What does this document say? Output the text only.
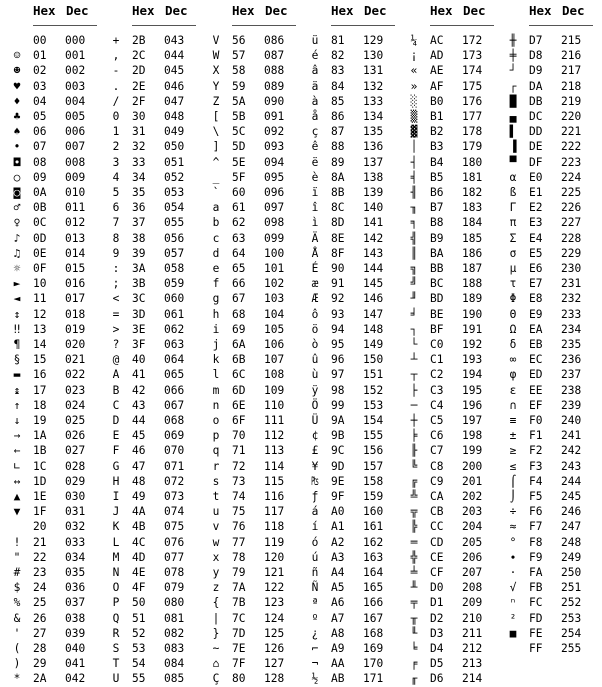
Hex Dec
00 000
☺	01 001
☻	02 002
♥	03 003
♦	04 004
♣	05 005
♠	06 006
•	07 007
◘	08 008
○	09 009
◙	0A 010
♂	0B 011
♀	0C 012
♪	0D 013
♫	0E 014
☼	0F 015
►	10 016
◄	11 017
↕	12 018
‼	13 019
¶	14 020
§	15 021
▬	16 022
↨	17 023
↑	18 024
↓	19 025
→	1A 026
←	1B 027
∟	1C 028
↔	1D 029
▲	1E 030
▼	1F 031
20 032
!	21 033
"	22 034
#	23 035
$	24 036
%	25 037
&	26 038
'	27 039
(	28 040
)	29 041
*	2A 042
Hex Dec
+	2B 043
,	2C 044
-	2D 045
.	2E 046
/	2F 047
0	30 048
1	31 049
2	32 050
3	33 051
4	34 052
5	35 053
6	36 054
7	37 055
8	38 056
9	39 057
:	3A 058
;	3B 059
<	3C 060
=	3D 061
>	3E 062
?	3F 063
@	40 064
A	41 065
B	42 066
C	43 067
D	44 068
E	45 069
F	46 070
G	47 071
H	48 072
I	49 073
J	4A 074
K	4B 075
L	4C 076
M	4D 077
N	4E 078
O	4F 079
P	50 080
Q	51 081
R	52 082
S	53 083
T	54 084
U	55 085
Hex Dec
V	56 086
W	57 087
X	58 088
Y	59 089
Z	5A 090
[	5B 091
\	5C 092
]	5D 093
^	5E 094
_	5F 095
`	60 096
a	61 097
b	62 098
c	63 099
d	64 100
e	65 101
f	66 102
g	67 103
h	68 104
i	69 105
j	6A 106
k	6B 107
l	6C 108
m	6D 109
n	6E 110
o	6F 111
p	70 112
q	71 113
r	72 114
s	73 115
t	74 116
u	75 117
v	76 118
w	77 119
x	78 120
y	79 121
z	7A 122
{	7B 123
|	7C 124
}	7D 125
~	7E 126
⌂	7F 127
Ç	80 128
Hex Dec
ü	81 129
é	82 130
â	83 131
ä	84 132
à	85 133
å	86 134
ç	87 135
ê	88 136
ë	89 137
è	8A 138
ï	8B 139
î	8C 140
ì	8D 141
Ä	8E 142
Å	8F 143
É	90 144
æ	91 145
Æ	92 146
ô	93 147
ö	94 148
ò	95 149
û	96 150
ù	97 151
ÿ	98 152
Ö	99 153
Ü	9A 154
¢	9B 155
£	9C 156
¥	9D 157
₧	9E 158
ƒ	9F 159
á	A0 160
í	A1 161
ó	A2 162
ú	A3 163
ñ	A4 164
Ñ	A5 165
ª	A6 166
º	A7 167
¿	A8 168
⌐	A9 169
¬	AA 170
½	AB 171
Hex Dec
¼	AC 172
¡	AD 173
«	AE 174
»	AF 175
░	B0 176
▒	B1 177
▓	B2 178
│	B3 179
┤	B4 180
╡	B5 181
╢	B6 182
╖	B7 183
╕	B8 184
╣	B9 185
║	BA 186
╗	BB 187
╝	BC 188
╜	BD 189
╛	BE 190
┐	BF 191
└	C0 192
┴	C1 193
┬	C2 194
├	C3 195
─	C4 196
┼	C5 197
╞	C6 198
╟	C7 199
╚	C8 200
╔	C9 201
╩	CA 202
╦	CB 203
╠	CC 204
═	CD 205
╬	CE 206
╧	CF 207
╨	D0 208
╤	D1 209
╥	D2 210
╙	D3 211
╘	D4 212
╒	D5 213
╓	D6 214
Hex Dec
╫	D7 215
╪	D8 216
┘	D9 217
┌	DA 218
█	DB 219
▄	DC 220
▌	DD 221
▐	DE 222
▀	DF 223
α	E0 224
ß	E1 225
Γ	E2 226
π	E3 227
Σ	E4 228
σ	E5 229
µ	E6 230
τ	E7 231
Φ	E8 232
Θ	E9 233
Ω	EA 234
δ	EB 235
∞	EC 236
φ	ED 237
ε	EE 238
∩	EF 239
≡	F0 240
±	F1 241
≥	F2 242
≤	F3 243
⌠	F4 244
⌡	F5 245
÷	F6 246
≈	F7 247
°	F8 248
∙	F9 249
·	FA 250
√	FB 251
ⁿ	FC 252
²	FD 253
■	FE 254
FF 255
